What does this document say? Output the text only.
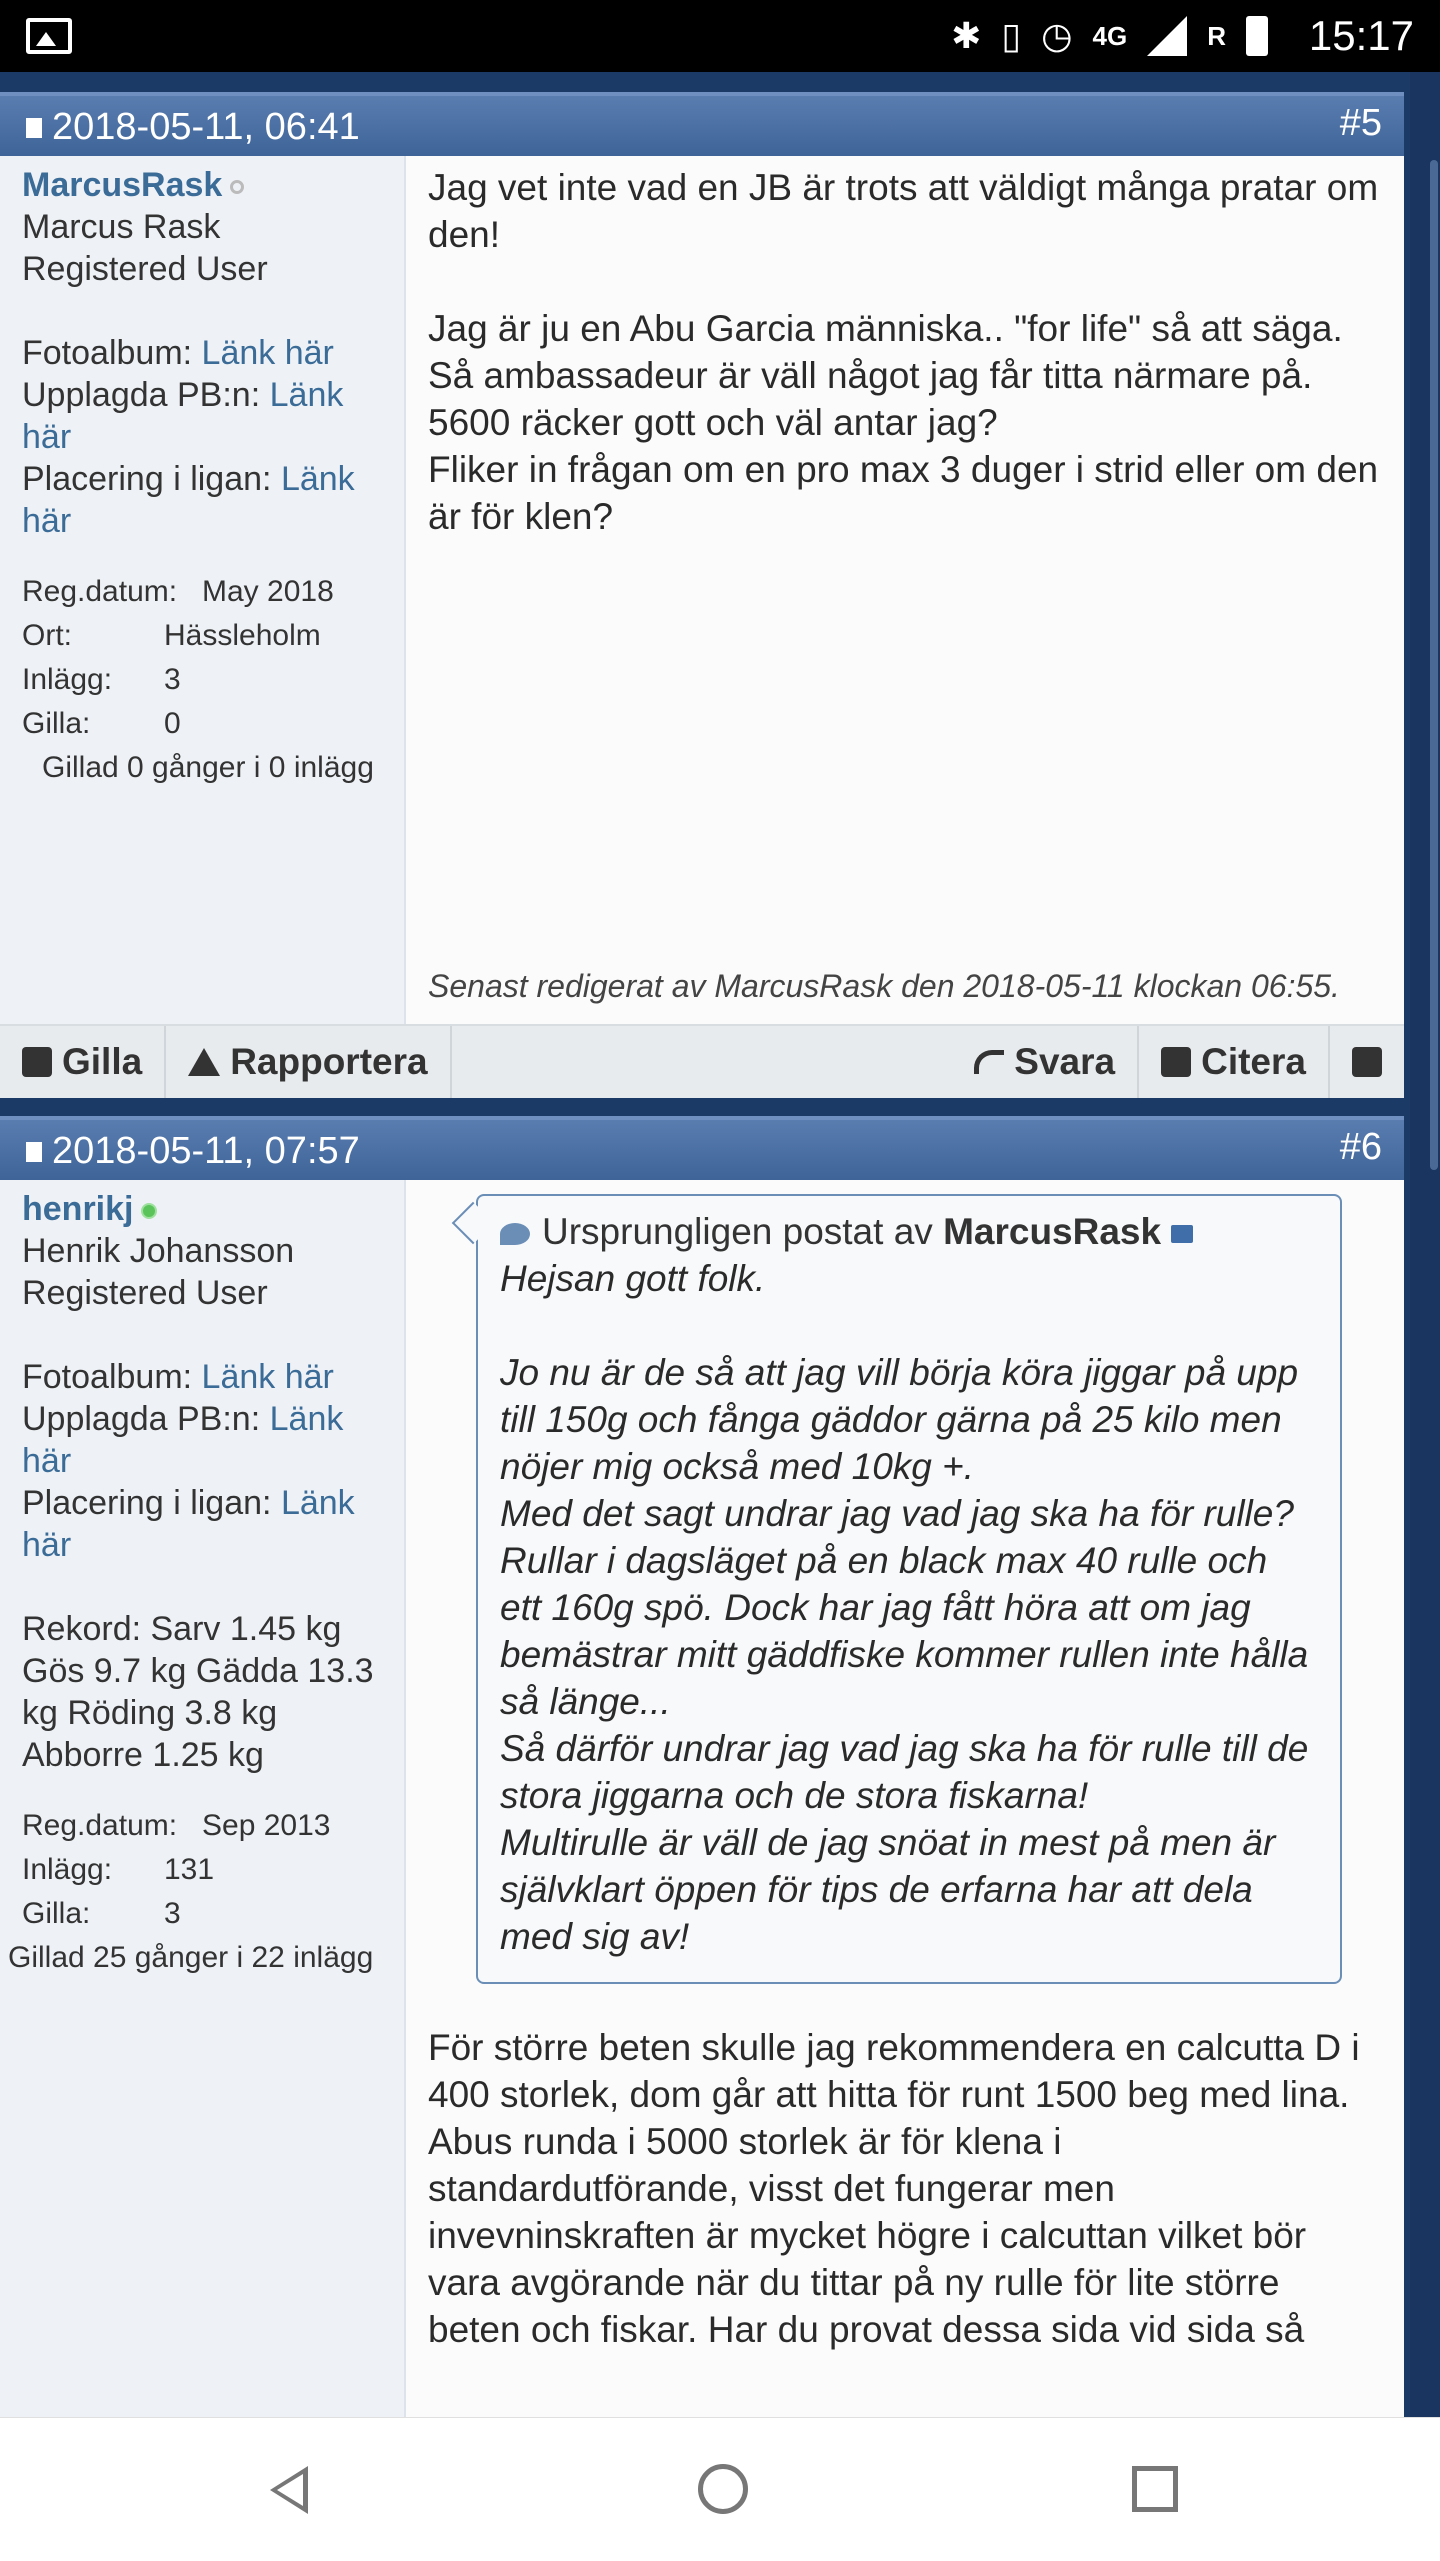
✱ ▯ ◷ 4G	R 15:17
2018-05-11, 06:41	#5
MarcusRask
Marcus Rask
Registered User
Fotoalbum: Länk här
Upplagda PB:n: Länk
här
Placering i ligan: Länk
här
Reg.datum: May 2018
Ort:	Hässleholm
Inlägg: 3
Gilla: 0
Gillad 0 gånger i 0 inlägg

Jag vet inte vad en JB är trots att väldigt många pratar om den!

Jag är ju en Abu Garcia människa.. "for life" så att säga. Så ambassadeur är väll något jag får titta närmare på. 5600 räcker gott och väl antar jag?

Fliker in frågan om en pro max 3 duger i strid eller om den är för klen?

Senast redigerat av MarcusRask den 2018-05-11 klockan 06:55.
Gilla Rapportera	Svara Citera
2018-05-11, 07:57	#6
henrikj
Henrik Johansson
Registered User
Fotoalbum: Länk här
Upplagda PB:n: Länk
här
Placering i ligan: Länk
här
Rekord: Sarv 1.45 kg Gös 9.7 kg Gädda 13.3 kg Röding 3.8 kg Abborre 1.25 kg
Reg.datum: Sep 2013
Inlägg: 131
Gilla: 3
Gillad 25 gånger i 22 inlägg
Ursprungligen postat av MarcusRask
Hejsan gott folk.
Jo nu är de så att jag vill börja köra jiggar på upp till 150g och fånga gäddor gärna på 25 kilo men nöjer mig också med 10kg +.
Med det sagt undrar jag vad jag ska ha för rulle?
Rullar i dagsläget på en black max 40 rulle och ett 160g spö. Dock har jag fått höra att om jag bemästrar mitt gäddfiske kommer rullen inte hålla så länge...
Så därför undrar jag vad jag ska ha för rulle till de stora jiggarna och de stora fiskarna!
Multirulle är väll de jag snöat in mest på men är självklart öppen för tips de erfarna har att dela med sig av!

För större beten skulle jag rekommendera en calcutta D i 400 storlek, dom går att hitta för runt 1500 beg med lina. Abus runda i 5000 storlek är för klena i standardutförande, visst det fungerar men invevninskraften är mycket högre i calcuttan vilket bör vara avgörande när du tittar på ny rulle för lite större beten och fiskar. Har du provat dessa sida vid sida så
